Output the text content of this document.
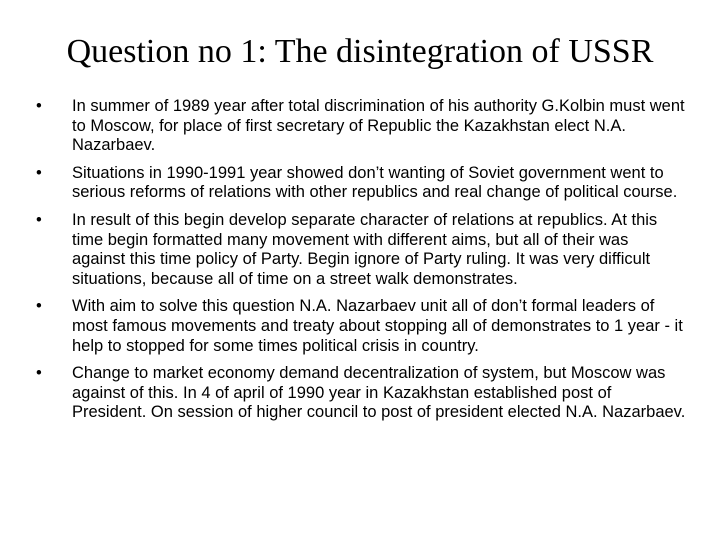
Question no 1: The disintegration of USSR
•	In summer of 1989 year after total discrimination of his authority G.Kolbin must went to Moscow, for place of first secretary of Republic the Kazakhstan elect N.A. Nazarbaev.
•	Situations in 1990-1991 year showed don’t wanting of Soviet government went to serious reforms of relations with other republics and real change of political course.
•	In result of this begin develop separate character of relations at republics. At this time begin formatted many movement with different aims, but all of their was against this time policy of Party. Begin ignore of Party ruling. It was very difficult situations, because all of time on a street walk demonstrates.
•	With aim to solve this question N.A. Nazarbaev unit all of don’t formal leaders of most famous movements and treaty about stopping all of demonstrates to 1 year - it help to stopped for some times political crisis in country.
•	Change to market economy demand decentralization of system, but Moscow was against of this. In 4 of april of 1990 year in Kazakhstan established post of President. On session of higher council to post of president elected N.A. Nazarbaev.
